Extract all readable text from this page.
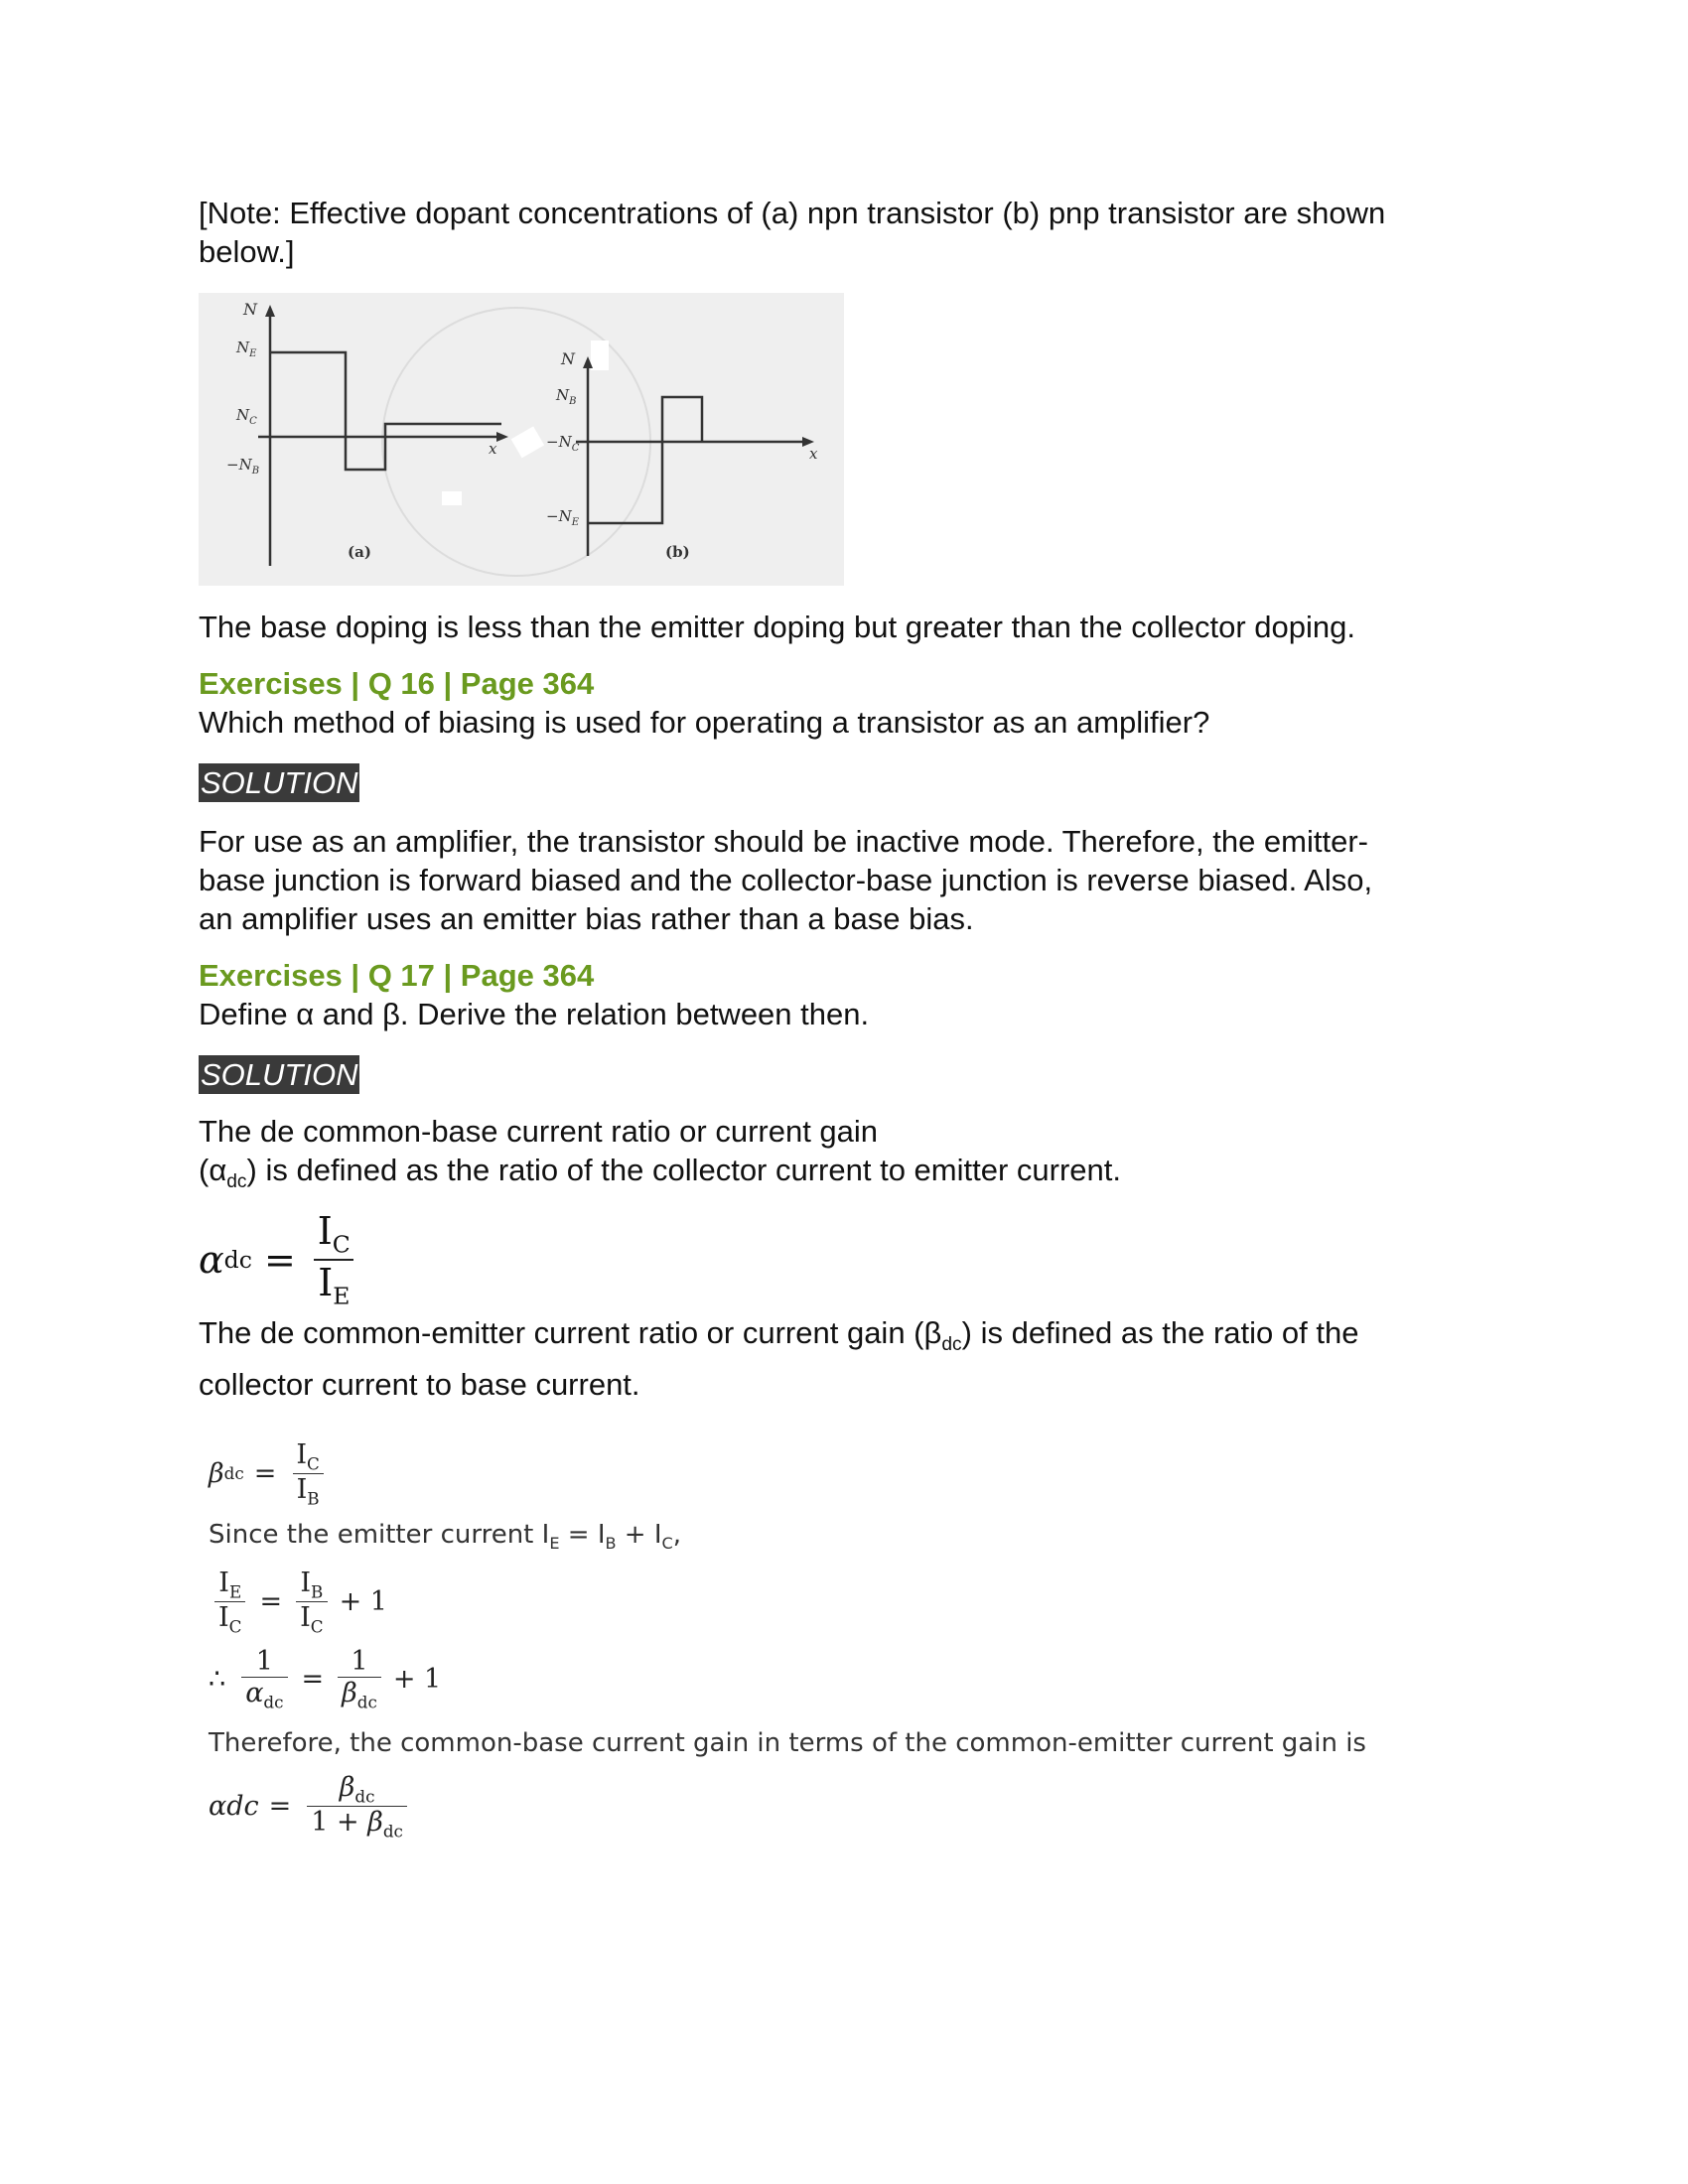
[Note: Effective dopant concentrations of (a) npn transistor (b) pnp transistor are shown below.]

N
$N_E$
$N_C$
$-N_B$
x
(a)
N
$N_B$
$-N_C$
$-N_E$
x
(b)

The base doping is less than the emitter doping but greater than the collector doping.

Exercises | Q 16 | Page 364

Which method of biasing is used for operating a transistor as an amplifier?

SOLUTION

For use as an amplifier, the transistor should be inactive mode. Therefore, the emitter-

base junction is forward biased and the collector-base junction is reverse biased. Also,

an amplifier uses an emitter bias rather than a base bias.

Exercises | Q 17 | Page 364

Define α and β. Derive the relation between then.

SOLUTION

The de common-base current ratio or current gain

$(\alpha_{dc})$ is defined as the ratio of the collector current to emitter current.

α dc = $\frac{I_C}{I_E}$

The de common-emitter current ratio or current gain $(\beta_{dc})$ is defined as the ratio of the

collector current to base current.

β dc = $\frac{I_C}{I_B}$

Since the emitter current $I_E = I_B + I_C$,

$\frac{I_E}{I_C} = \frac{I_B}{I_C} + 1$
∴ $\frac{1}{\alpha_{dc}} = \frac{1}{\beta_{dc}} + 1$

Therefore, the common-base current gain in terms of the common-emitter current gain is

$\alpha dc = \frac{\beta_{dc}}{1 + \beta_{dc}}$
